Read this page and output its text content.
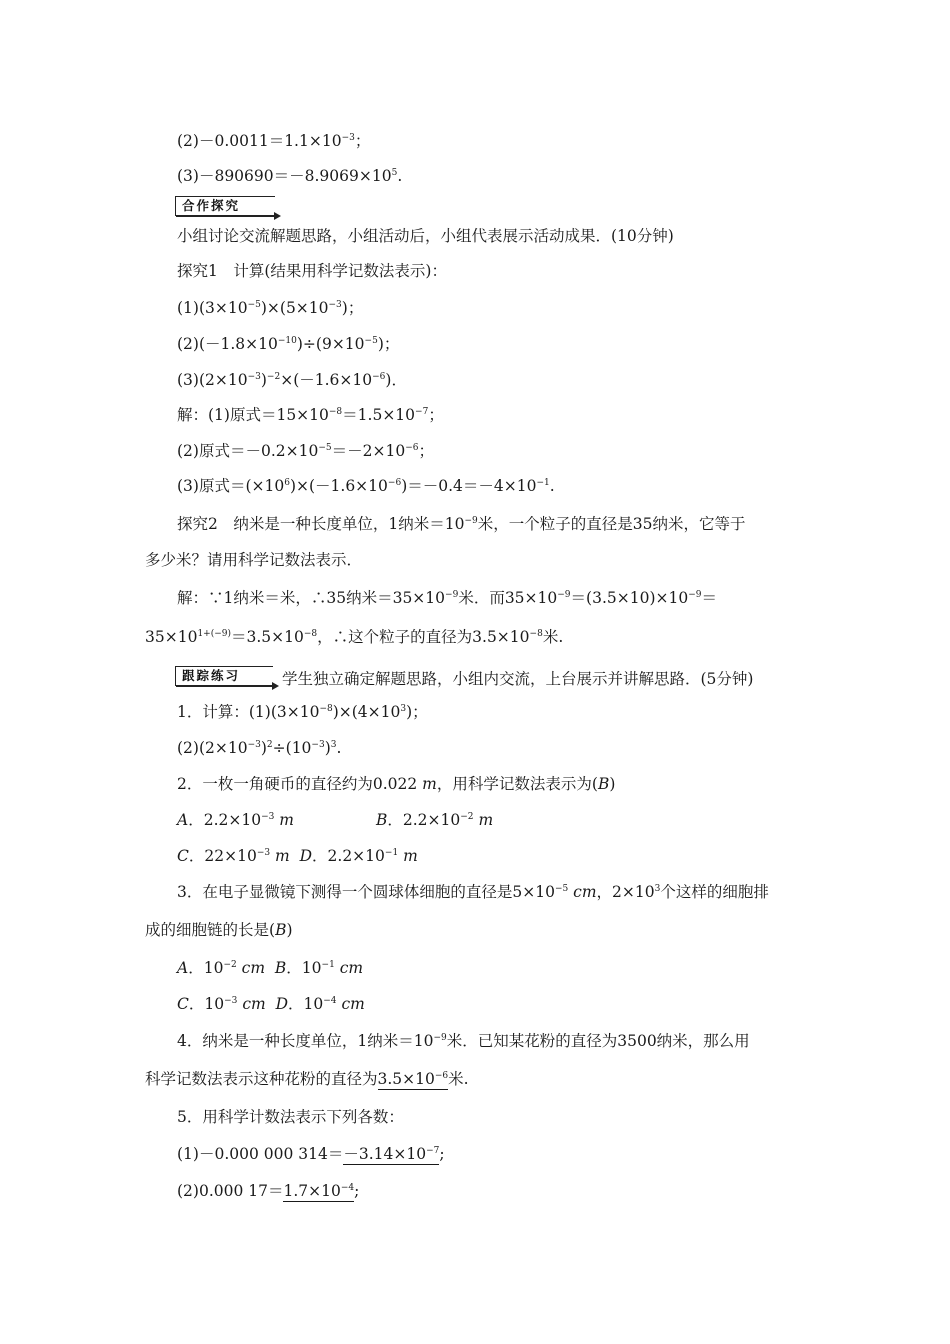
$(2)-0.0011=1.1\times 10^{-3}$；
$(3)-890690=-8.9069\times 10^5$.
合作探究
小组讨论交流解题思路，小组活动后，小组代表展示活动成果．(10分钟)
探究1　计算(结果用科学记数法表示)：
$(1)(3\times 10^{-5})\times(5\times 10^{-3})$；
$(2)(-1.8\times 10^{-10})\div(9\times 10^{-5})$；
$(3)(2\times 10^{-3})^{-2}\times(-1.6\times 10^{-6})$．
解：(1)原式$=15\times 10^{-8}=1.5\times 10^{-7}$；
(2)原式$=-0.2\times 10^{-5}=-2\times 10^{-6}$；
(3)原式$=(\times 10^6)\times(-1.6\times 10^{-6})=-0.4=-4\times 10^{-1}$.
探究2　纳米是一种长度单位，1纳米$=10^{-9}$米，一个粒子的直径是35纳米，它等于
多少米？请用科学记数法表示．
解：∵1纳米＝米，∴35纳米$=35\times 10^{-9}$米．而$35\times 10^{-9}=(3.5\times 10)\times 10^{-9}=$
$35\times 10^{1+(-9)}=3.5\times 10^{-8}$，∴这个粒子的直径为$3.5\times 10^{-8}$米.
跟踪练习	学生独立确定解题思路，小组内交流，上台展示并讲解思路．(5分钟)
1．计算：$(1)(3\times 10^{-8})\times(4\times 10^3)$；
$(2)(2\times 10^{-3})^2\div(10^{-3})^3$.
2．一枚一角硬币的直径约为0.022 m，用科学记数法表示为(B)
A．$2.2\times 10^{-3}$ m	B．$2.2\times 10^{-2}$ m
C．$22\times 10^{-3}$ m D．$2.2\times 10^{-1}$ m
3．在电子显微镜下测得一个圆球体细胞的直径是$5\times 10^{-5}$ cm，$2\times 10^3$个这样的细胞排
成的细胞链的长是(B)
A．$10^{-2}$ cm B．$10^{-1}$ cm
C．$10^{-3}$ cm D．$10^{-4}$ cm
4．纳米是一种长度单位，1纳米$=10^{-9}$米．已知某花粉的直径为3500纳米，那么用
科学记数法表示这种花粉的直径为$3.5\times 10^{-6}$米.
5．用科学计数法表示下列各数：
(1)－0.000 000 $314=-3.14\times 10^{-7}$;
(2)0.000 $17=1.7\times 10^{-4}$;
